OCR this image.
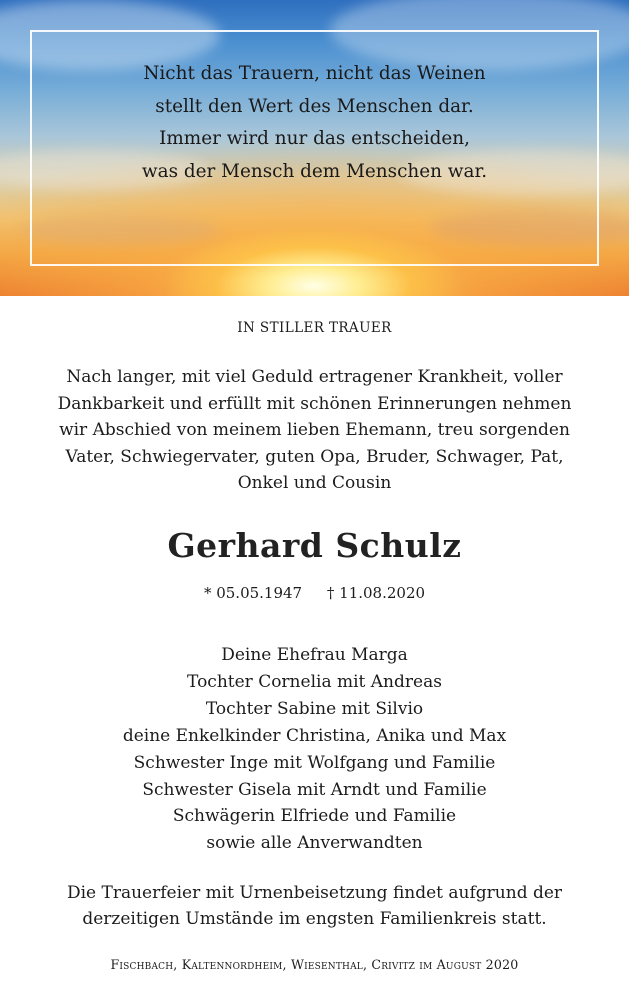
Nicht das Trauern, nicht das Weinen
stellt den Wert des Menschen dar.
Immer wird nur das entscheiden,
was der Mensch dem Menschen war.
IN STILLER TRAUER
Nach langer, mit viel Geduld ertragener Krankheit, voller
Dankbarkeit und erfüllt mit schönen Erinnerungen nehmen
wir Abschied von meinem lieben Ehemann, treu sorgenden
Vater, Schwiegervater, guten Opa, Bruder, Schwager, Pat,
Onkel und Cousin
Gerhard Schulz
* 05.05.1947 † 11.08.2020
Deine Ehefrau Marga
Tochter Cornelia mit Andreas
Tochter Sabine mit Silvio
deine Enkelkinder Christina, Anika und Max
Schwester Inge mit Wolfgang und Familie
Schwester Gisela mit Arndt und Familie
Schwägerin Elfriede und Familie
sowie alle Anverwandten
Die Trauerfeier mit Urnenbeisetzung findet aufgrund der
derzeitigen Umstände im engsten Familienkreis statt.
Fischbach, Kaltennordheim, Wiesenthal, Crivitz im August 2020
